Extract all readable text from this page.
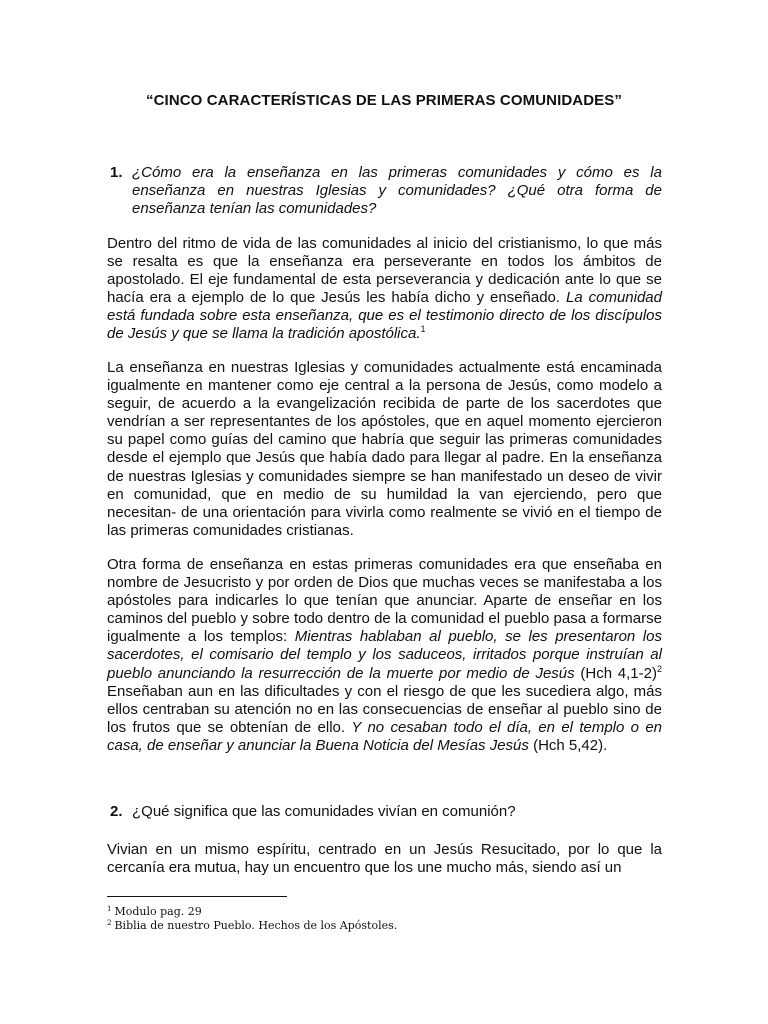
“CINCO CARACTERÍSTICAS DE LAS PRIMERAS COMUNIDADES”
1. ¿Cómo era la enseñanza en las primeras comunidades y cómo es la enseñanza en nuestras Iglesias y comunidades? ¿Qué otra forma de enseñanza tenían las comunidades?

Dentro del ritmo de vida de las comunidades al inicio del cristianismo, lo que más se resalta es que la enseñanza era perseverante en todos los ámbitos de apostolado. El eje fundamental de esta perseverancia y dedicación ante lo que se hacía era a ejemplo de lo que Jesús les había dicho y enseñado. La comunidad está fundada sobre esta enseñanza, que es el testimonio directo de los discípulos de Jesús y que se llama la tradición apostólica.$^1$

La enseñanza en nuestras Iglesias y comunidades actualmente está encaminada igualmente en mantener como eje central a la persona de Jesús, como modelo a seguir, de acuerdo a la evangelización recibida de parte de los sacerdotes que vendrían a ser representantes de los apóstoles, que en aquel momento ejercieron su papel como guías del camino que habría que seguir las primeras comunidades desde el ejemplo que Jesús que había dado para llegar al padre. En la enseñanza de nuestras Iglesias y comunidades siempre se han manifestado un deseo de vivir en comunidad, que en medio de su humildad la van ejerciendo, pero que necesitan- de una orientación para vivirla como realmente se vivió en el tiempo de las primeras comunidades cristianas.

Otra forma de enseñanza en estas primeras comunidades era que enseñaba en nombre de Jesucristo y por orden de Dios que muchas veces se manifestaba a los apóstoles para indicarles lo que tenían que anunciar. Aparte de enseñar en los caminos del pueblo y sobre todo dentro de la comunidad el pueblo pasa a formarse igualmente a los templos: Mientras hablaban al pueblo, se les presentaron los sacerdotes, el comisario del templo y los saduceos, irritados porque instruían al pueblo anunciando la resurrección de la muerte por medio de Jesús (Hch 4,1-2)$^2$ Enseñaban aun en las dificultades y con el riesgo de que les sucediera algo, más ellos centraban su atención no en las consecuencias de enseñar al pueblo sino de los frutos que se obtenían de ello. Y no cesaban todo el día, en el templo o en casa, de enseñar y anunciar la Buena Noticia del Mesías Jesús (Hch 5,42).

2. ¿Qué significa que las comunidades vivían en comunión?

Vivian en un mismo espíritu, centrado en un Jesús Resucitado, por lo que la cercanía era mutua, hay un encuentro que los une mucho más, siendo así un

$^1$ Modulo pag. 29
$^2$ Biblia de nuestro Pueblo. Hechos de los Apóstoles.
